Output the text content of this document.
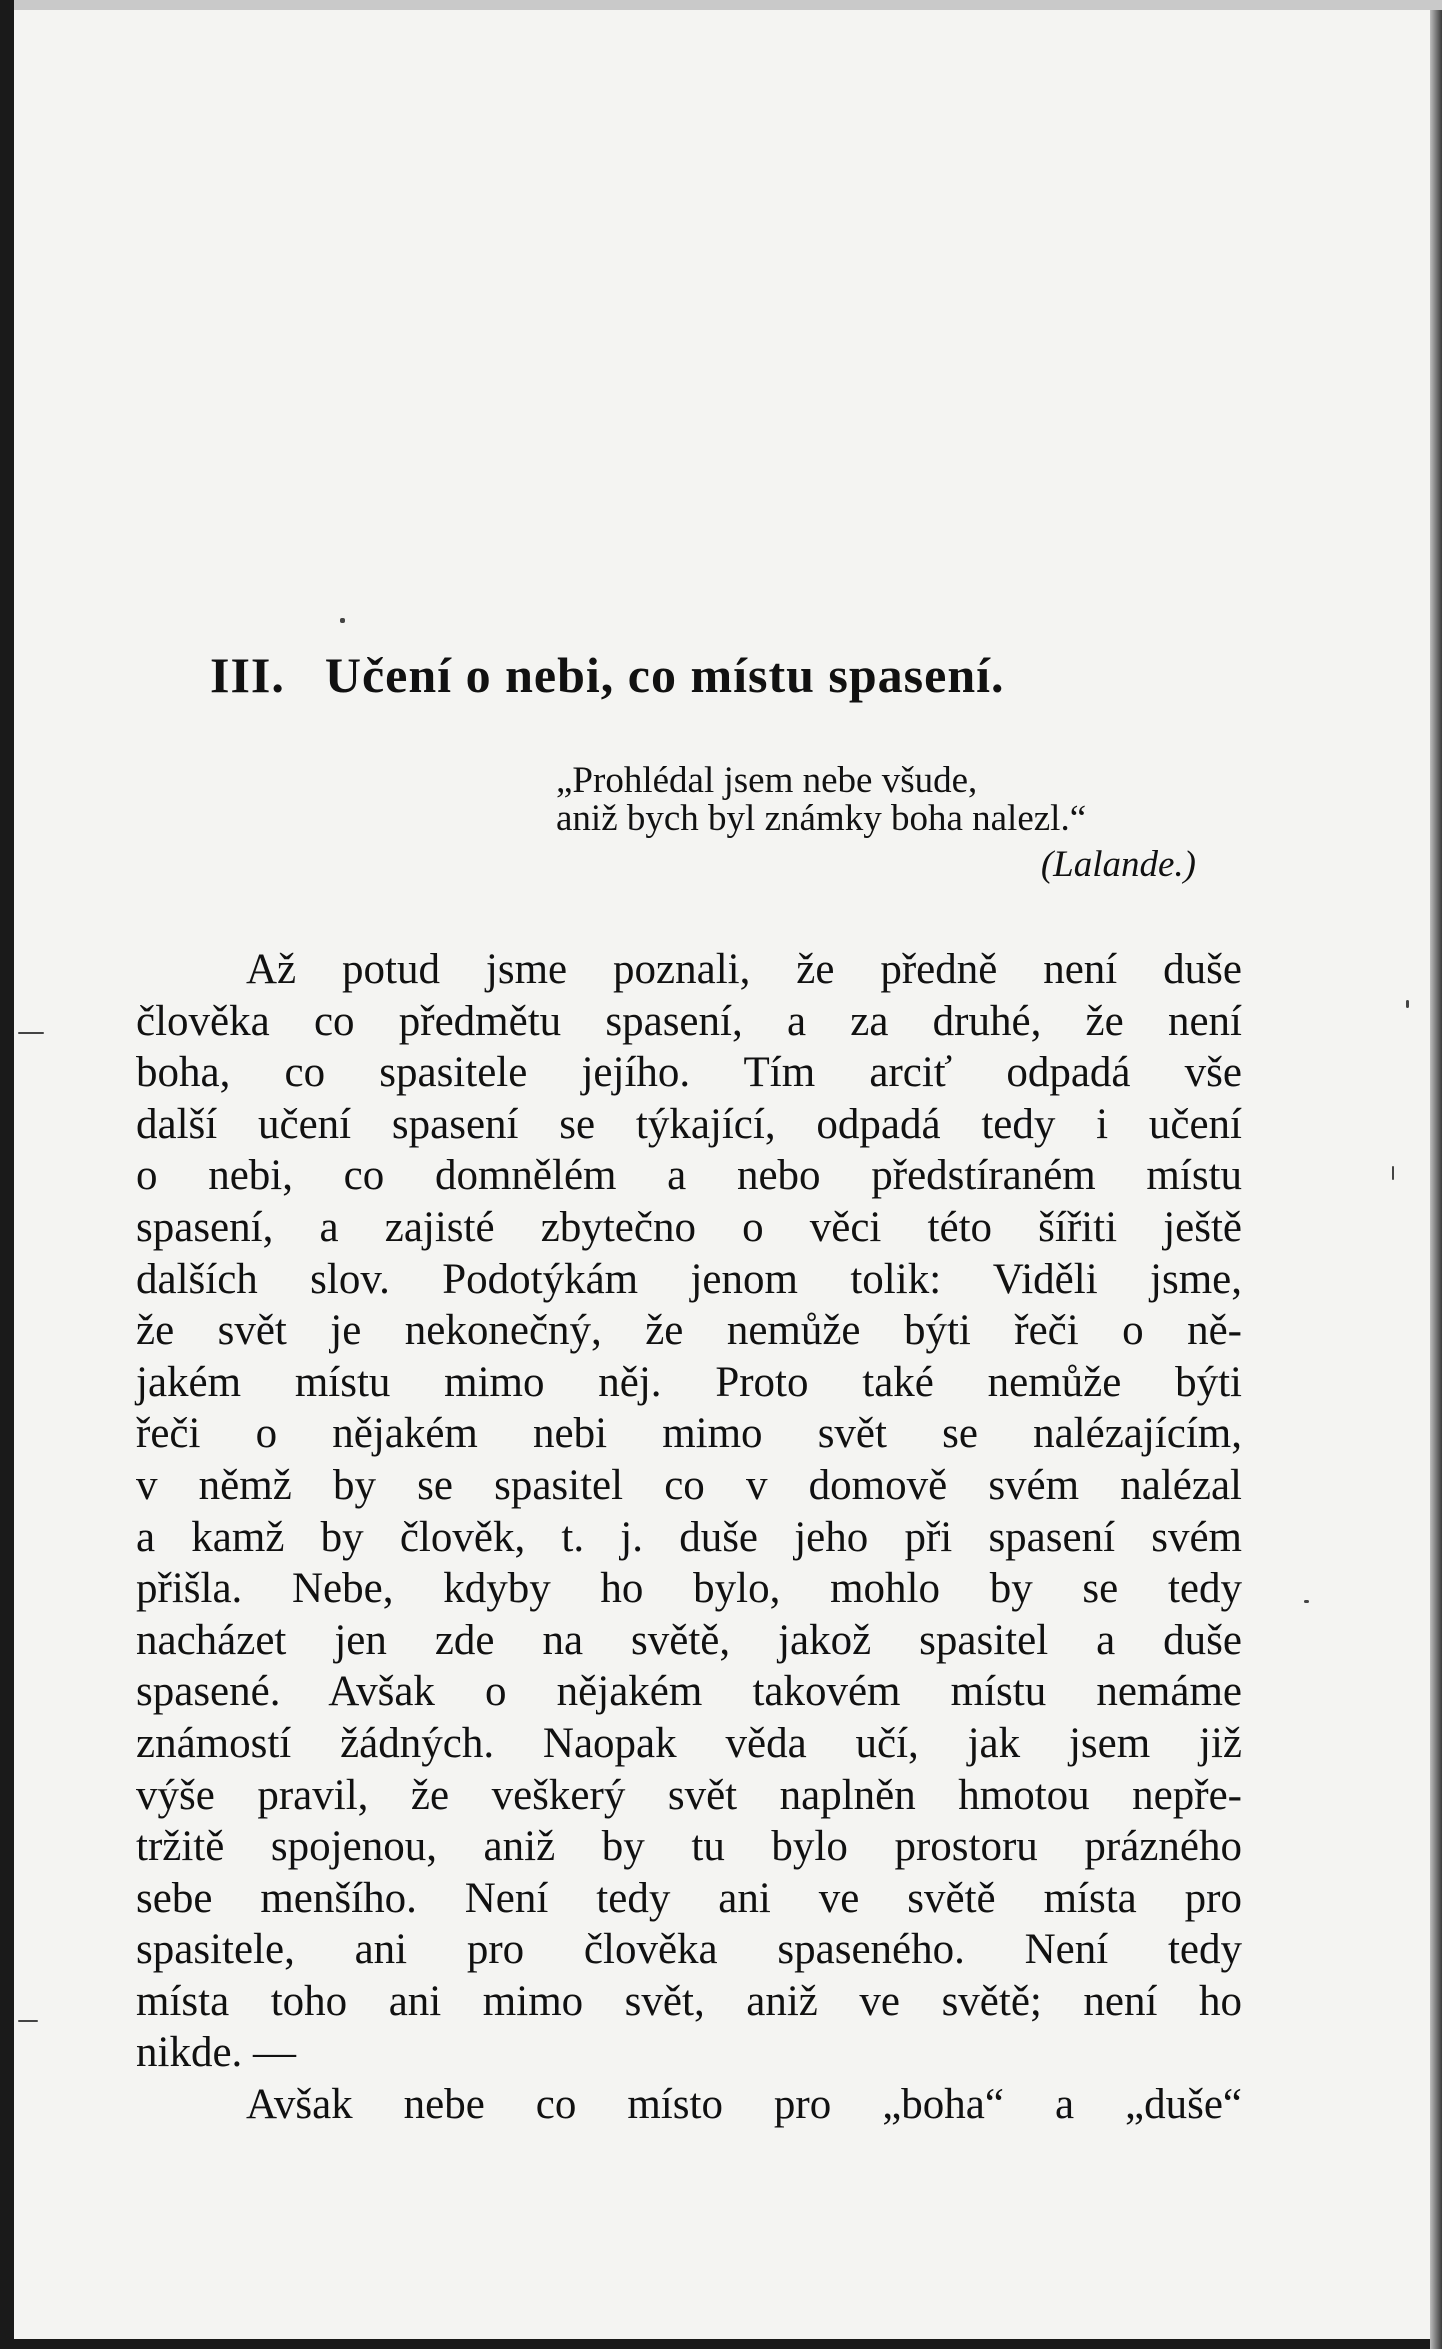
III. Učení o nebi, co místu spasení.
„Prohlédal jsem nebe všude,
aniž bych byl známky boha nalezl.“
(Lalande.)
Až potud jsme poznali, že předně není duše
člověka co předmětu spasení, a za druhé, že není
boha, co spasitele jejího. Tím arciť odpadá vše
další učení spasení se týkající, odpadá tedy i učení
o nebi, co domnělém a nebo předstíraném místu
spasení, a zajisté zbytečno o věci této šířiti ještě
dalších slov. Podotýkám jenom tolik: Viděli jsme,
že svět je nekonečný, že nemůže býti řeči o ně-
jakém místu mimo něj. Proto také nemůže býti
řeči o nějakém nebi mimo svět se nalézajícím,
v němž by se spasitel co v domově svém nalézal
a kamž by člověk, t. j. duše jeho při spasení svém
přišla. Nebe, kdyby ho bylo, mohlo by se tedy
nacházet jen zde na světě, jakož spasitel a duše
spasené. Avšak o nějakém takovém místu nemáme
známostí žádných. Naopak věda učí, jak jsem již
výše pravil, že veškerý svět naplněn hmotou nepře-
tržitě spojenou, aniž by tu bylo prostoru prázného
sebe menšího. Není tedy ani ve světě místa pro
spasitele, ani pro člověka spaseného. Není tedy
místa toho ani mimo svět, aniž ve světě; není ho
nikde. —
Avšak nebe co místo pro „boha“ a „duše“
